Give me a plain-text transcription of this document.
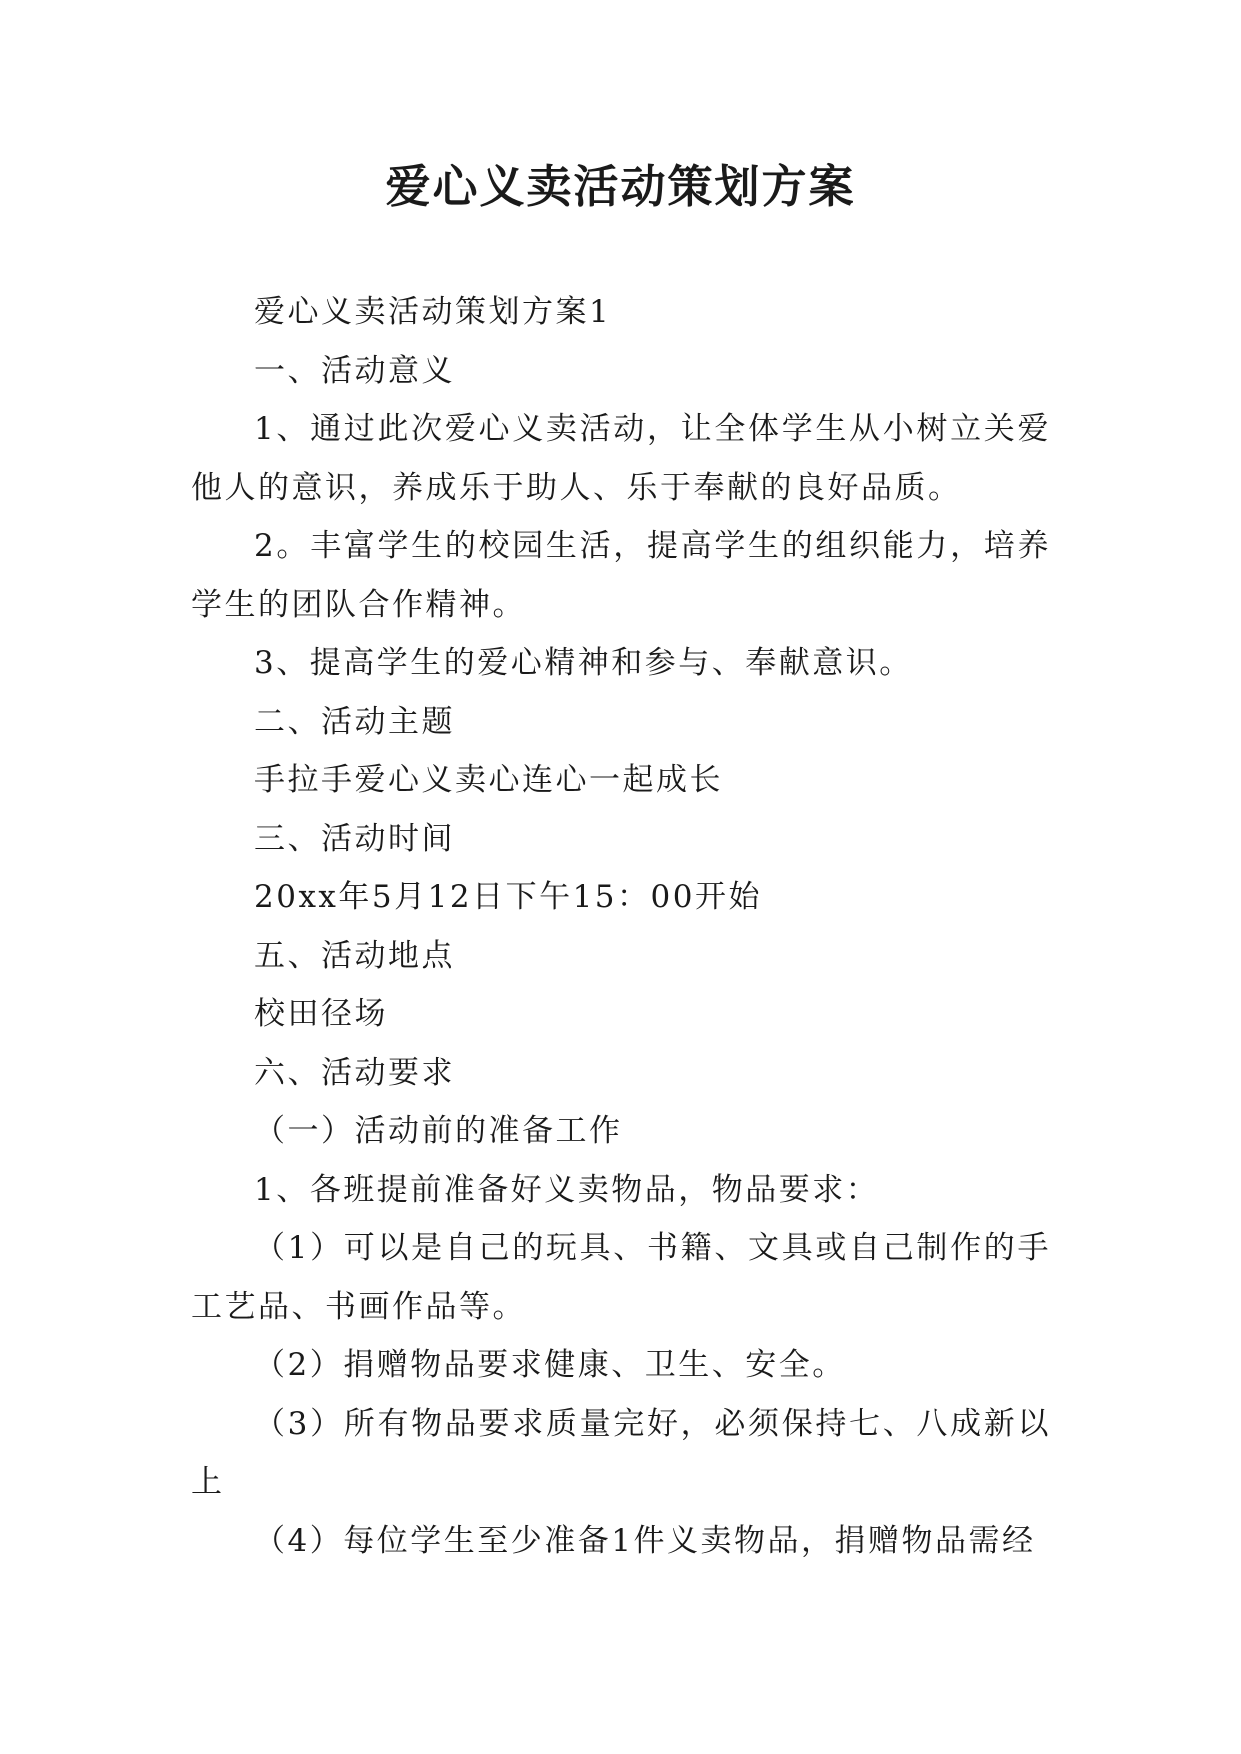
爱心义卖活动策划方案

爱心义卖活动策划方案1

一、活动意义

1、通过此次爱心义卖活动，让全体学生从小树立关爱他人的意识，养成乐于助人、乐于奉献的良好品质。

2。丰富学生的校园生活，提高学生的组织能力，培养学生的团队合作精神。

3、提高学生的爱心精神和参与、奉献意识。

二、活动主题

手拉手爱心义卖心连心一起成长

三、活动时间

20xx年5月12日下午15：00开始

五、活动地点

校田径场

六、活动要求

（一）活动前的准备工作

1、各班提前准备好义卖物品，物品要求：

（1）可以是自己的玩具、书籍、文具或自己制作的手工艺品、书画作品等。

（2）捐赠物品要求健康、卫生、安全。

（3）所有物品要求质量完好，必须保持七、八成新以上

（4）每位学生至少准备1件义卖物品，捐赠物品需经
